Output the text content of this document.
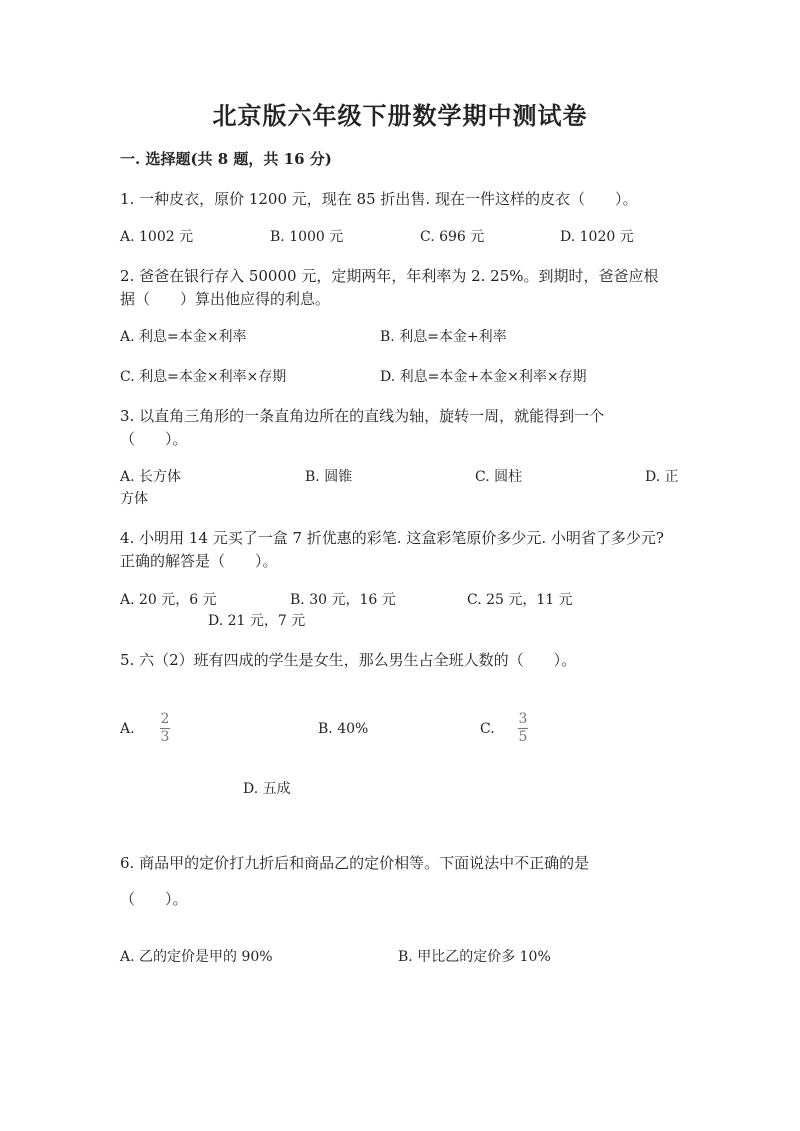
北京版六年级下册数学期中测试卷
一. 选择题(共 8 题，共 16 分)
1. 一种皮衣，原价 1200 元，现在 85 折出售. 现在一件这样的皮衣（　　）。
A. 1002 元	B. 1000 元	C. 696 元	D. 1020 元
2. 爸爸在银行存入 50000 元，定期两年，年利率为 2. 25%。到期时，爸爸应根
据（　　）算出他应得的利息。
A. 利息=本金×利率	B. 利息=本金+利率
C. 利息=本金×利率×存期	D. 利息=本金+本金×利率×存期
3. 以直角三角形的一条直角边所在的直线为轴，旋转一周，就能得到一个
（　　）。
A. 长方体	B. 圆锥	C. 圆柱	D. 正
方体
4. 小明用 14 元买了一盒 7 折优惠的彩笔. 这盒彩笔原价多少元. 小明省了多少元?
正确的解答是（　　）。
A. 20 元，6 元	B. 30 元，16 元	C. 25 元，11 元
D. 21 元，7 元
5. 六（2）班有四成的学生是女生，那么男生占全班人数的（　　）。
A. $\frac{2}{3}$	B. 40%	C. $\frac{3}{5}$
D. 五成
6. 商品甲的定价打九折后和商品乙的定价相等。下面说法中不正确的是
（　　）。
A. 乙的定价是甲的 90%	B. 甲比乙的定价多 10%
